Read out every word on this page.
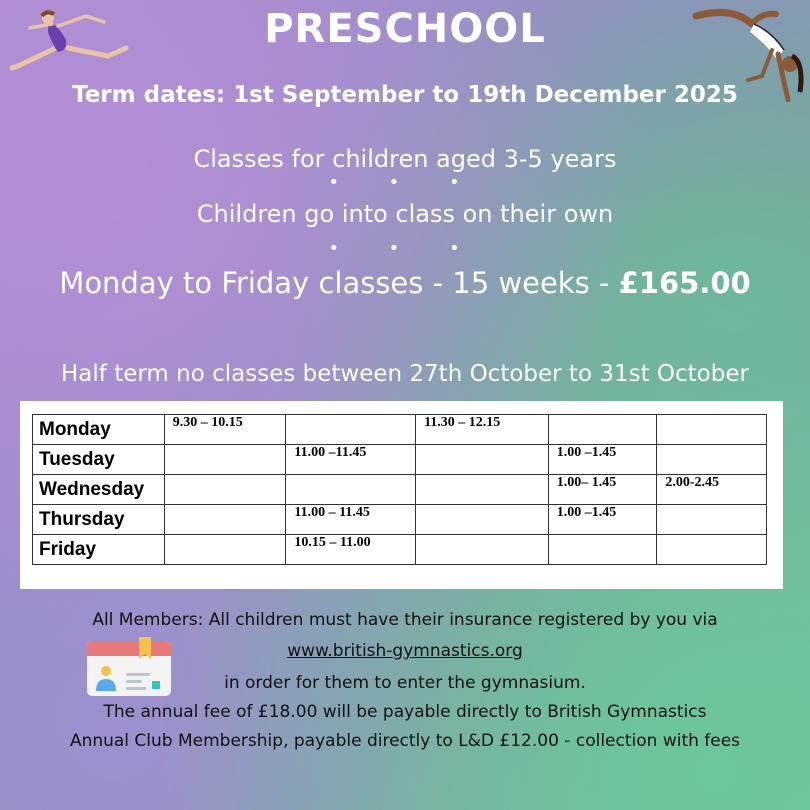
PRESCHOOL
Term dates: 1st September to 19th December 2025
Classes for children aged 3-5 years
• • •
Children go into class on their own
• • •
Monday to Friday classes - 15 weeks - £165.00
Half term no classes between 27th October to 31st October
Monday	9.30 – 10.15		11.30 – 12.15		
Tuesday		11.00 –11.45		1.00 –1.45	
Wednesday				1.00– 1.45	2.00-2.45
Thursday		11.00 – 11.45		1.00 –1.45	
Friday		10.15 – 11.00			
All Members: All children must have their insurance registered by you via
www.british-gymnastics.org
in order for them to enter the gymnasium.
The annual fee of £18.00 will be payable directly to British Gymnastics
Annual Club Membership, payable directly to L&D £12.00 - collection with fees
